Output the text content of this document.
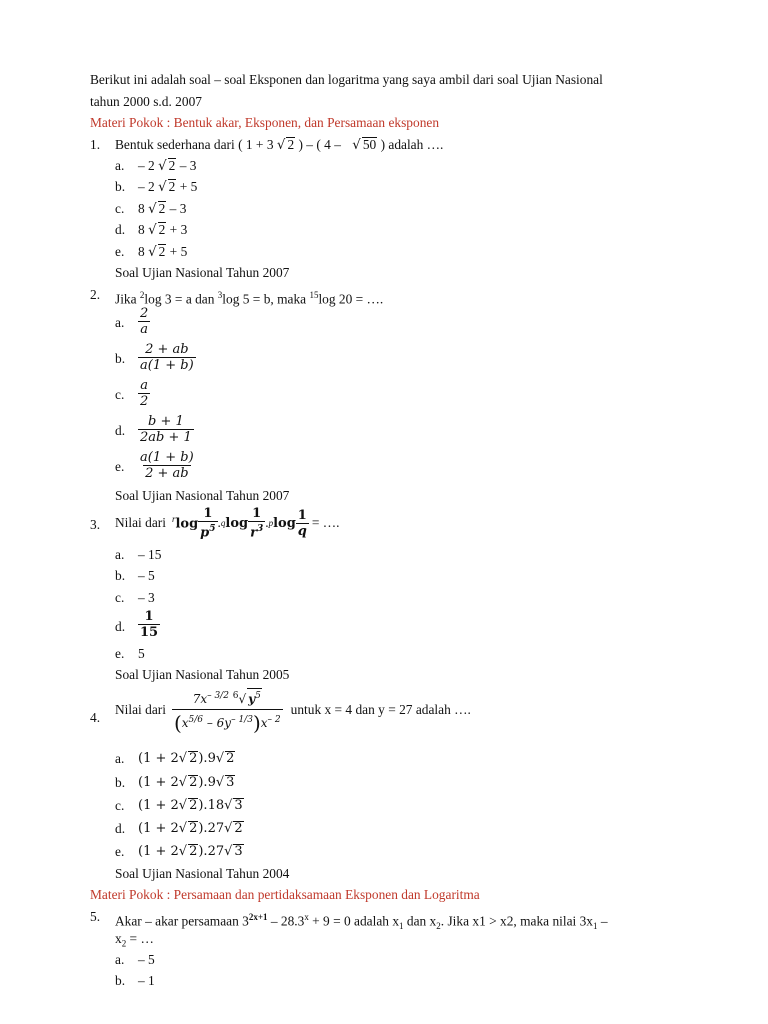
Berikut ini adalah soal – soal Eksponen dan logaritma yang saya ambil dari soal Ujian Nasional
tahun 2000 s.d. 2007
Materi Pokok : Bentuk akar, Eksponen, dan Persamaan eksponen
1. Bentuk sederhana dari ( 1 + 3 √ 2 ) – ( 4 – √ 50 ) adalah ….
a. – 2 √ 2 – 3
b. – 2 √ 2 + 5
c. 8 √ 2 – 3
d. 8 √ 2 + 3
e. 8 √ 2 + 5
Soal Ujian Nasional Tahun 2007
2. Jika $^2$log 3 = a dan $^3$log 5 = b, maka $^{15}$log 20 = ….
a. $\frac{2}{a}$
b. $\frac{2 + ab}{a(1 + b)}$
c. $\frac{a}{2}$
d. $\frac{b + 1}{2ab + 1}$
e. $\frac{a(1 + b)}{2 + ab}$
Soal Ujian Nasional Tahun 2007
3. Nilai dari $^r\log \frac{1}{p^5}$ . q $\log \frac{1}{r^3}$ . p $\log \frac{1}{q}$ = ….
a. – 15
b. – 5
c. – 3
d. $\frac{1}{15}$
e. 5
Soal Ujian Nasional Tahun 2005
4.
Nilai dari $\frac{7x^{- 3/2} ^6√ y^5}{(x^{5/6} - 6y^{- 1/3})x^{- 2}}$ untuk x = 4 dan y = 27 adalah ….
a. (1 + 2√ 2).9√ 2
b. (1 + 2√ 2).9√ 3
c. (1 + 2√ 2).18√ 3
d. (1 + 2√ 2).27√ 2
e. (1 + 2√ 2).27√ 3
Soal Ujian Nasional Tahun 2004
Materi Pokok : Persamaan dan pertidaksamaan Eksponen dan Logaritma
5. Akar – akar persamaan $3^{2x+1} - 28.3^x + 9 = 0$ adalah $x_1$ dan $x_2$. Jika x1 > x2, maka nilai $3x_1$ –
$x_2$ = …
a. – 5
b. – 1
